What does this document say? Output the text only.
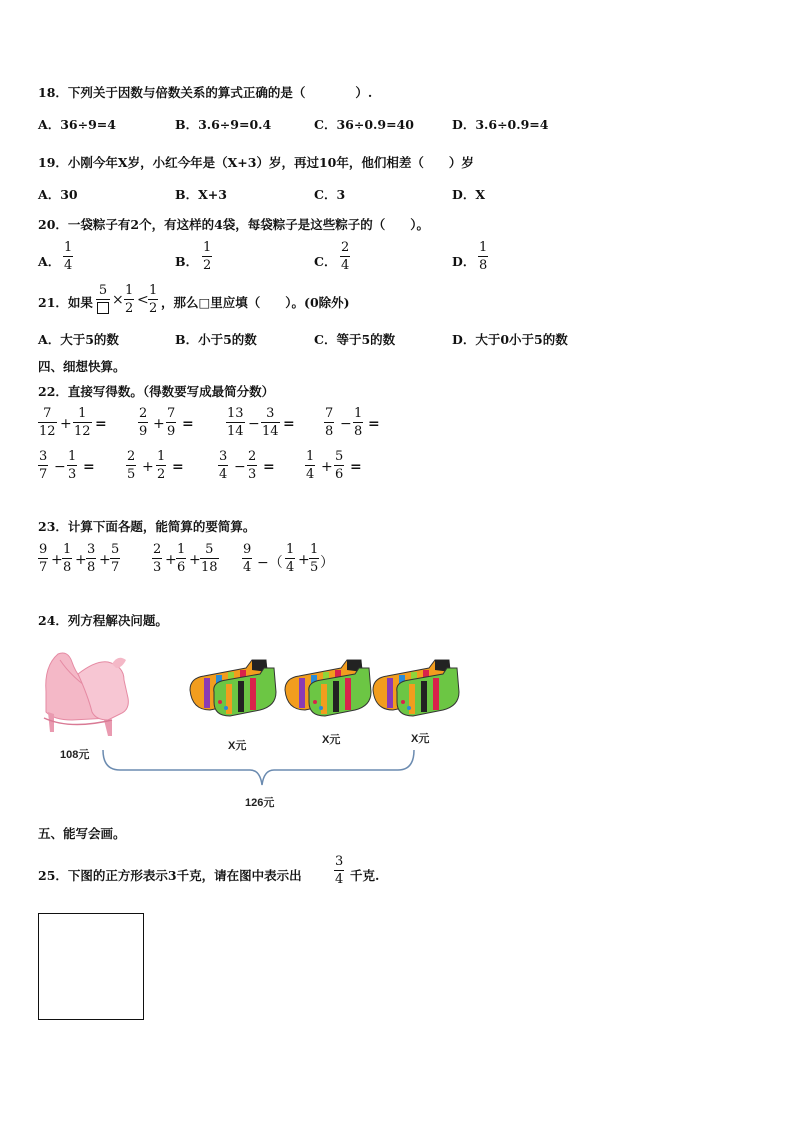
18．下列关于因数与倍数关系的算式正确的是（　　　　）.
A．36÷9=4	B．3.6÷9=0.4	C．36÷0.9=40	D．3.6÷0.9=4
19．小刚今年X岁，小红今年是（X+3）岁，再过10年，他们相差（　　）岁
A．30	B．X+3	C．3	D．X
20．一袋粽子有2个，有这样的4袋，每袋粽子是这些粽子的（　　）。
A． $\frac{1}{4}$	B． $\frac{1}{2}$	C． $\frac{2}{4}$	D． $\frac{1}{8}$
21．如果
5
× $\frac{1}{2} < \frac{1}{2}$ ，那么□里应填（　　）。(0除外)
A．大于5的数	B．小于5的数	C．等于5的数	D．大于0小于5的数
四、细想快算。
22．直接写得数。（得数要写成最简分数）
$\frac{7}{12} + \frac{1}{12} = \frac{2}{9} + \frac{7}{9} = \frac{13}{14} - \frac{3}{14} = \frac{7}{8} - \frac{1}{8}$ =
$\frac{3}{7} - \frac{1}{3} = \frac{2}{5} + \frac{1}{2}$ =	$\frac{3}{4} - \frac{2}{3} = \frac{1}{4} + \frac{5}{6}$ =
23．计算下面各题，能简算的要简算。
$\frac{9}{7} + \frac{1}{8} + \frac{3}{8} + \frac{5}{7} \frac{2}{3} + \frac{1}{6} + \frac{5}{18} \frac{9}{4}$ −（ $\frac{1}{4} + \frac{1}{5}$ ）
24．列方程解决问题。
108元
X元	X元	X元
126元
五、能写会画。
25．下图的正方形表示3千克，请在图中表示出 $\frac{3}{4}$ 千克.
